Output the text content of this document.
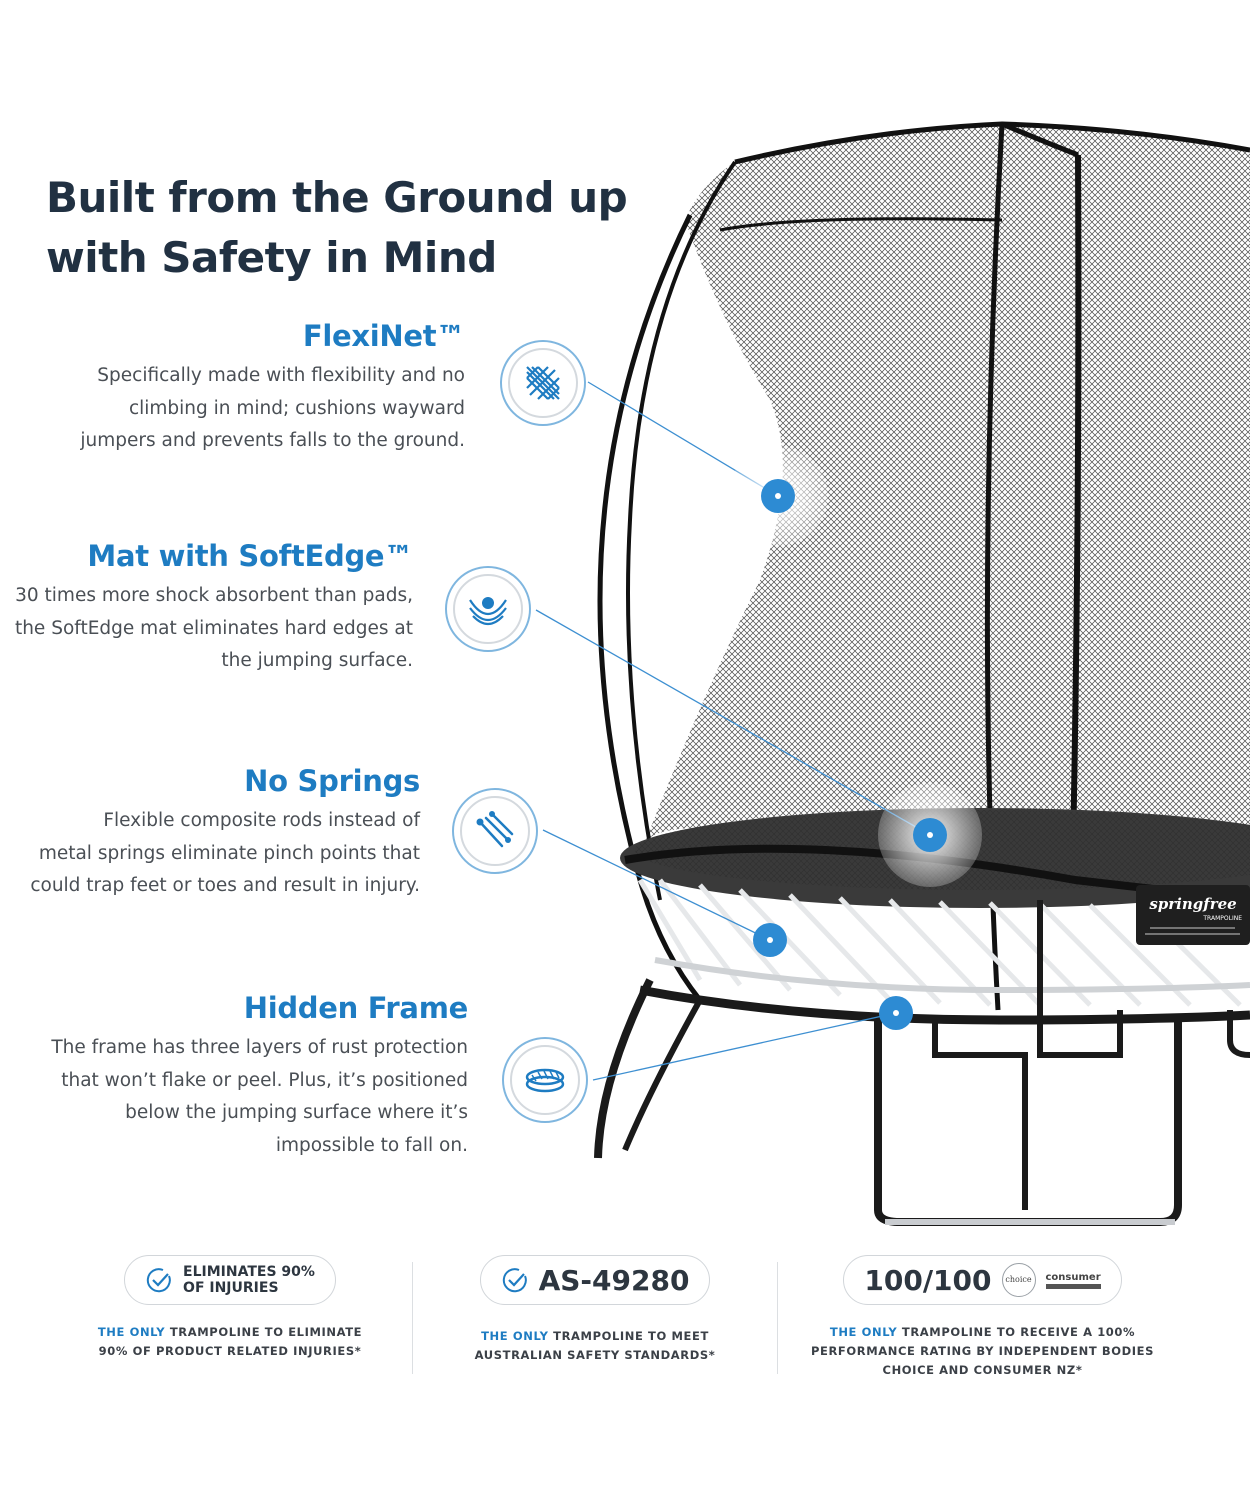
springfree
TRAMPOLINE
Built from the Ground up
with Safety in Mind
FlexiNet™

Specifically made with flexibility and no
climbing in mind; cushions wayward
jumpers and prevents falls to the ground.

Mat with SoftEdge™

30 times more shock absorbent than pads,
the SoftEdge mat eliminates hard edges at
the jumping surface.

No Springs

Flexible composite rods instead of
metal springs eliminate pinch points that
could trap feet or toes and result in injury.

Hidden Frame

The frame has three layers of rust protection
that won’t flake or peel. Plus, it’s positioned
below the jumping surface where it’s
impossible to fall on.

ELIMINATES 90%
OF INJURIES

THE ONLY TRAMPOLINE TO ELIMINATE
90% OF PRODUCT RELATED INJURIES*

AS-49280

THE ONLY TRAMPOLINE TO MEET
AUSTRALIAN SAFETY STANDARDS*

100/100	choice	consumer

THE ONLY TRAMPOLINE TO RECEIVE A 100%
PERFORMANCE RATING BY INDEPENDENT BODIES
CHOICE AND CONSUMER NZ*
